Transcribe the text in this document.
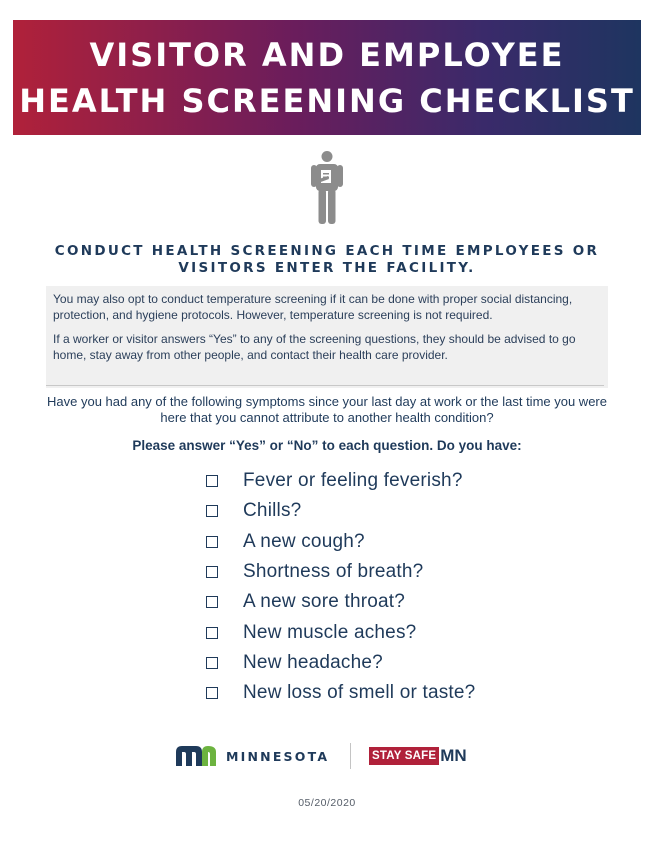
VISITOR AND EMPLOYEE
HEALTH SCREENING CHECKLIST
CONDUCT HEALTH SCREENING EACH TIME EMPLOYEES OR VISITORS ENTER THE FACILITY.

You may also opt to conduct temperature screening if it can be done with proper social distancing, protection, and hygiene protocols. However, temperature screening is not required.

If a worker or visitor answers “Yes” to any of the screening questions, they should be advised to go home, stay away from other people, and contact their health care provider.

Have you had any of the following symptoms since your last day at work or the last time you were here that you cannot attribute to another health condition?
Please answer “Yes” or “No” to each question. Do you have:
Fever or feeling feverish?
Chills?
A new cough?
Shortness of breath?
A new sore throat?
New muscle aches?
New headache?
New loss of smell or taste?
MINNESOTA	STAY SAFE MN
05/20/2020
